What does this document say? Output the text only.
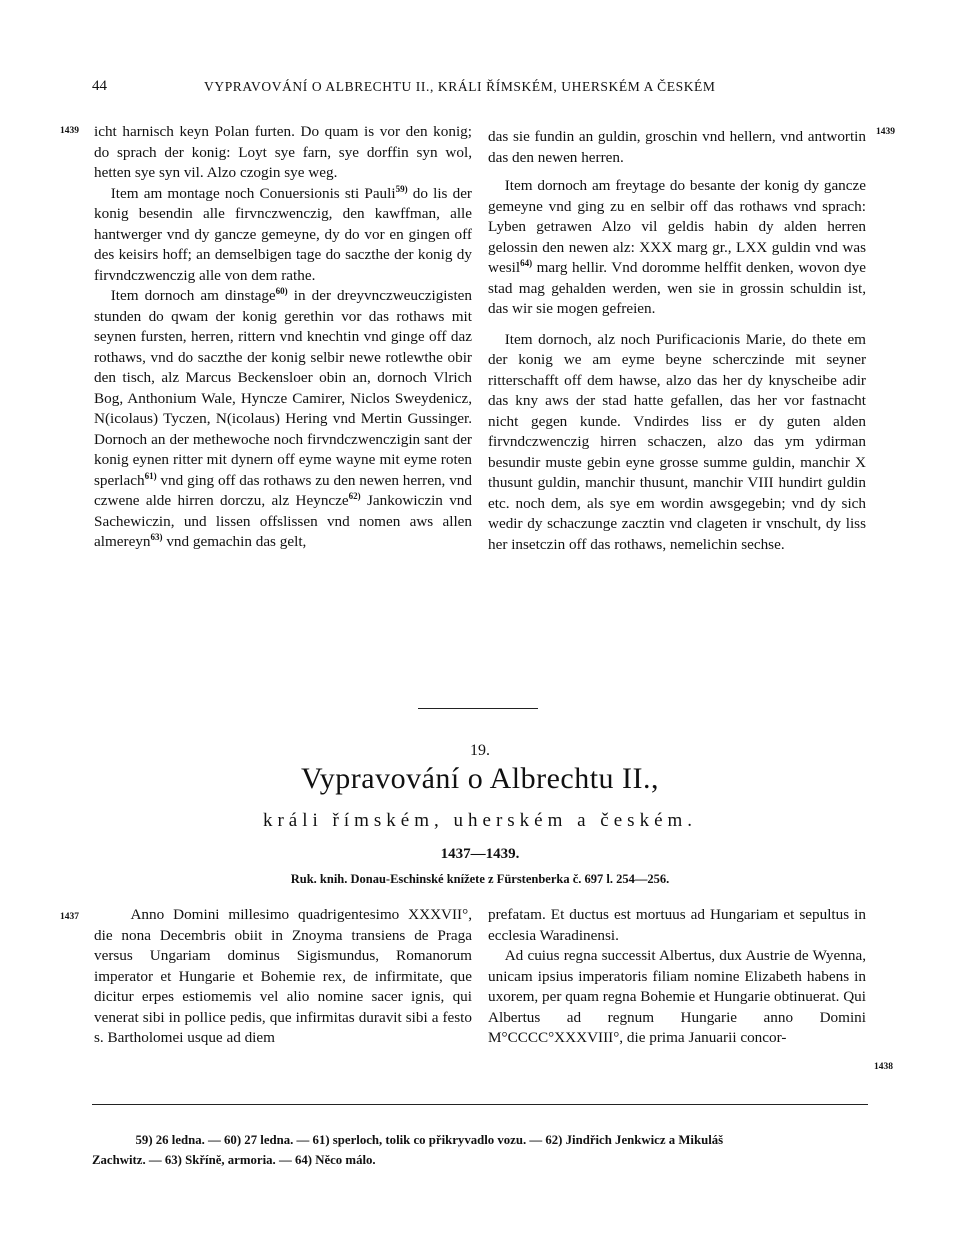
44	VYPRAVOVÁNÍ O ALBRECHTU II., KRÁLI ŘÍMSKÉM, UHERSKÉM A ČESKÉM
1439	1439

icht harnisch keyn Polan furten. Do quam is vor den konig; do sprach der konig: Loyt sye farn, sye dorffin syn wol, hetten sye syn vil. Alzo czogin sye weg.

Item am montage noch Conuersionis sti Pauli$^{59)}$ do lis der konig besendin alle firvnczwenczig, den kawffman, alle hantwerger vnd dy gancze gemeyne, dy do vor en gingen off des keisirs hoff; an demselbigen tage do saczthe der konig dy firvndczwenczig alle von dem rathe.

Item dornoch am dinstage$^{60)}$ in der dreyvnczweuczigisten stunden do qwam der konig gerethin vor das rothaws mit seynen fursten, herren, rittern vnd knechtin vnd ginge off daz rothaws, vnd do saczthe der konig selbir newe rotlewthe obir den tisch, alz Marcus Beckensloer obin an, dornoch Vlrich Bog, Anthonium Wale, Hyncze Camirer, Niclos Sweydenicz, N(icolaus) Tyczen, N(icolaus) Hering vnd Mertin Gussinger. Dornoch an der methewoche noch firvndczwenczigin sant der konig eynen ritter mit dynern off eyme wayne mit eyme roten sperlach$^{61)}$ vnd ging off das rothaws zu den newen herren, vnd czwene alde hirren dorczu, alz Heyncze$^{62)}$ Jankowiczin vnd Sachewiczin, und lissen offslissen vnd nomen aws allen almereyn$^{63)}$ vnd gemachin das gelt,

das sie fundin an guldin, groschin vnd hellern, vnd antwortin das den newen herren.

Item dornoch am freytage do besante der konig dy gancze gemeyne vnd ging zu en selbir off das rothaws vnd sprach: Lyben getrawen Alzo vil geldis habin dy alden herren gelossin den newen alz: XXX marg gr., LXX guldin vnd was wesil$^{64)}$ marg hellir. Vnd doromme helffit denken, wovon dye stad mag gehalden werden, wen sie in grossin schuldin ist, das wir sie mogen gefreien.

Item dornoch, alz noch Purificacionis Marie, do thete em der konig we am eyme beyne scherczinde mit seyner ritterschafft off dem hawse, alzo das her dy knyscheibe adir das kny aws der stad hatte gefallen, das her vor fastnacht nicht gegen kunde. Vndirdes liss er dy guten alden firvndczwenczig hirren schaczen, alzo das ym ydirman besundir muste gebin eyne grosse summe guldin, manchir X thusunt guldin, manchir thusunt, manchir VIII hundirt guldin etc. noch dem, als sye em wordin awsgegebin; vnd dy sich wedir dy schaczunge zacztin vnd clageten ir vnschult, dy liss her insetczin off das rothaws, nemelichin sechse.

19.
Vypravování o Albrechtu II.,
králi římském, uherském a českém.
1437—1439.
Ruk. knih. Donau-Eschinské knížete z Fürstenberka č. 697 l. 254—256.
1437
1438

Anno Domini millesimo quadrigentesimo XXXVII°, die nona Decembris obiit in Znoyma transiens de Praga versus Ungariam dominus Sigismundus, Romanorum imperator et Hungarie et Bohemie rex, de infirmitate, que dicitur erpes estiomemis vel alio nomine sacer ignis, qui venerat sibi in pollice pedis, que infirmitas duravit sibi a festo s. Bartholomei usque ad diem

prefatam. Et ductus est mortuus ad Hungariam et sepultus in ecclesia Waradinensi.

Ad cuius regna successit Albertus, dux Austrie de Wyenna, unicam ipsius imperatoris filiam nomine Elizabeth habens in uxorem, per quam regna Bohemie et Hungarie obtinuerat. Qui Albertus ad regnum Hungarie anno Domini M°CCCC°XXXVIII°, die prima Januarii concor-

59) 26 ledna. — 60) 27 ledna. — 61) sperloch, tolik co přikryvadlo vozu. — 62) Jindřich Jenkwicz a Mikuláš

Zachwitz. — 63) Skříně, armoria. — 64) Něco málo.
